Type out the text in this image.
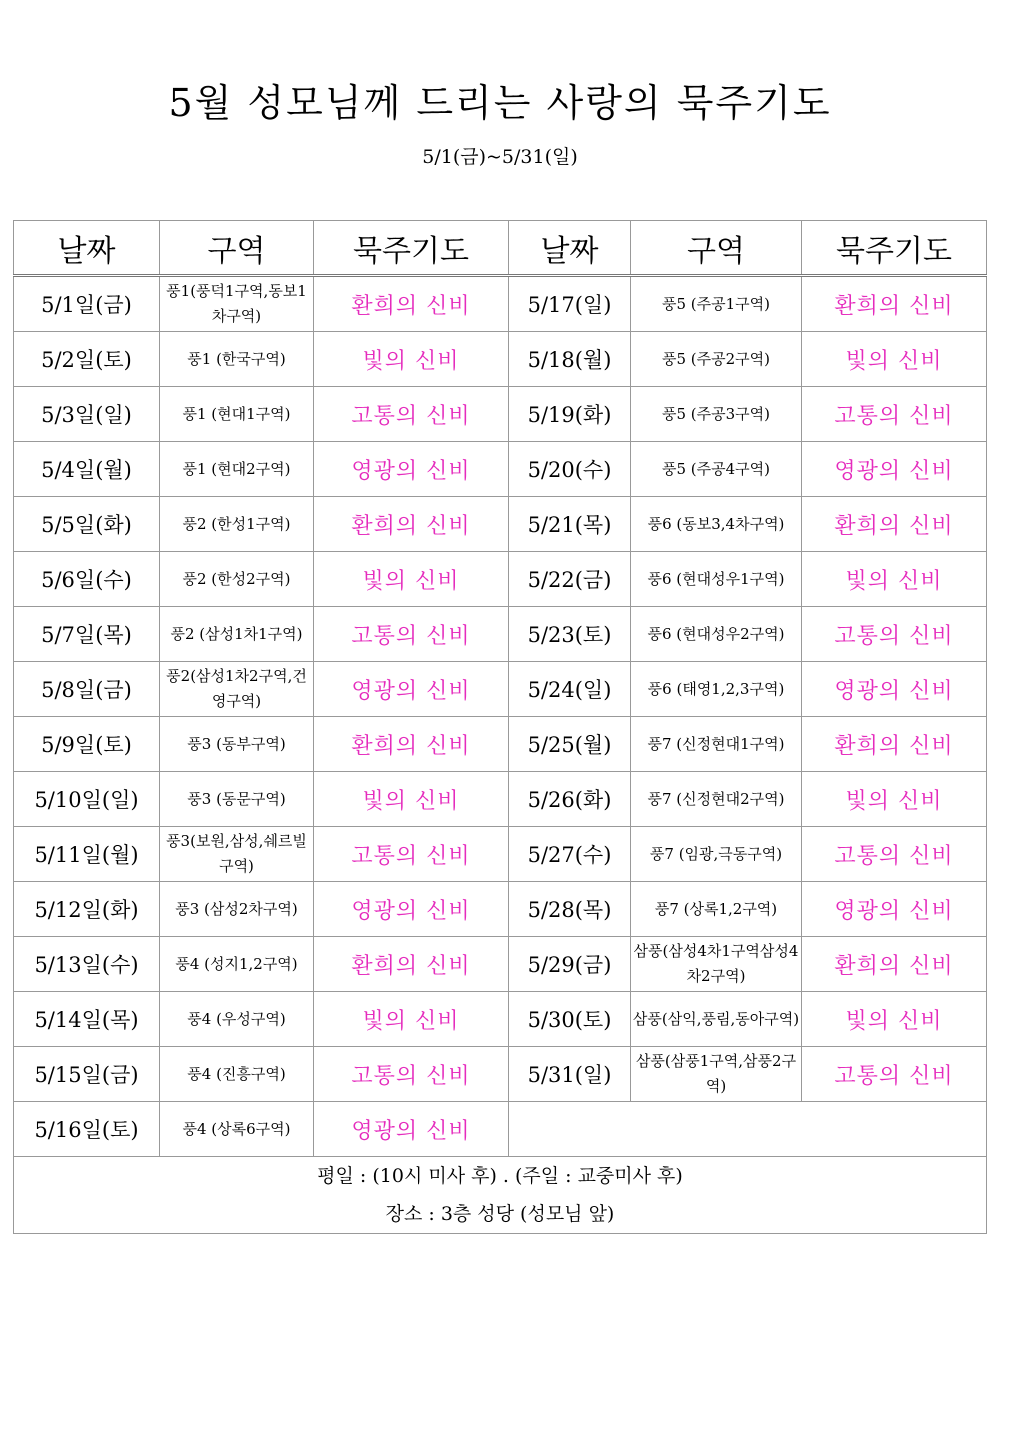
5월 성모님께 드리는 사랑의 묵주기도
5/1(금)~5/31(일)
날짜	구역	묵주기도	날짜	구역	묵주기도
5/1일(금)	풍1(풍덕1구역,동보1차구역)	환희의 신비	5/17(일)	풍5 (주공1구역)	환희의 신비
5/2일(토)	풍1 (한국구역)	빛의 신비	5/18(월)	풍5 (주공2구역)	빛의 신비
5/3일(일)	풍1 (현대1구역)	고통의 신비	5/19(화)	풍5 (주공3구역)	고통의 신비
5/4일(월)	풍1 (현대2구역)	영광의 신비	5/20(수)	풍5 (주공4구역)	영광의 신비
5/5일(화)	풍2 (한성1구역)	환희의 신비	5/21(목)	풍6 (동보3,4차구역)	환희의 신비
5/6일(수)	풍2 (한성2구역)	빛의 신비	5/22(금)	풍6 (현대성우1구역)	빛의 신비
5/7일(목)	풍2 (삼성1차1구역)	고통의 신비	5/23(토)	풍6 (현대성우2구역)	고통의 신비
5/8일(금)	풍2(삼성1차2구역,건영구역)	영광의 신비	5/24(일)	풍6 (태영1,2,3구역)	영광의 신비
5/9일(토)	풍3 (동부구역)	환희의 신비	5/25(월)	풍7 (신정현대1구역)	환희의 신비
5/10일(일)	풍3 (동문구역)	빛의 신비	5/26(화)	풍7 (신정현대2구역)	빛의 신비
5/11일(월)	풍3(보원,삼성,쉐르빌구역)	고통의 신비	5/27(수)	풍7 (임광,극동구역)	고통의 신비
5/12일(화)	풍3 (삼성2차구역)	영광의 신비	5/28(목)	풍7 (상록1,2구역)	영광의 신비
5/13일(수)	풍4 (성지1,2구역)	환희의 신비	5/29(금)	삼풍(삼성4차1구역삼성4차2구역)	환희의 신비
5/14일(목)	풍4 (우성구역)	빛의 신비	5/30(토)	삼풍(삼익,풍림,동아구역)	빛의 신비
5/15일(금)	풍4 (진흥구역)	고통의 신비	5/31(일)	삼풍(삼풍1구역,삼풍2구역)	고통의 신비
5/16일(토)	풍4 (상록6구역)	영광의 신비			

평일 : (10시 미사 후) . (주일 : 교중미사 후)
장소 : 3층 성당 (성모님 앞)					
